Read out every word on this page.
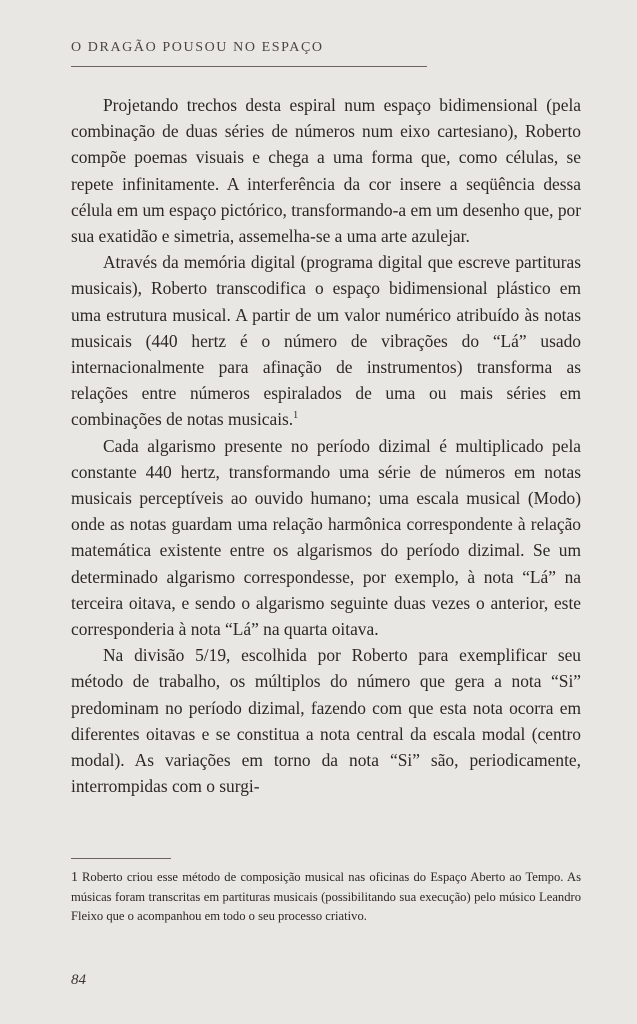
O DRAGÃO POUSOU NO ESPAÇO

Projetando trechos desta espiral num espaço bidimensional (pela combinação de duas séries de números num eixo cartesiano), Roberto compõe poemas visuais e chega a uma forma que, como células, se repete infinitamente. A interferência da cor insere a seqüência dessa célula em um espaço pictórico, transformando-a em um desenho que, por sua exatidão e simetria, assemelha-se a uma arte azulejar.

Através da memória digital (programa digital que escreve partituras musicais), Roberto transcodifica o espaço bidimensional plástico em uma estrutura musical. A partir de um valor numérico atribuído às notas musicais (440 hertz é o número de vibrações do “Lá” usado internacionalmente para afinação de instrumentos) transforma as relações entre números espiralados de uma ou mais séries em combinações de notas musicais.$^1$

Cada algarismo presente no período dizimal é multiplicado pela constante 440 hertz, transformando uma série de números em notas musicais perceptíveis ao ouvido humano; uma escala musical (Modo) onde as notas guardam uma relação harmônica correspondente à relação matemática existente entre os algarismos do período dizimal. Se um determinado algarismo correspondesse, por exemplo, à nota “Lá” na terceira oitava, e sendo o algarismo seguinte duas vezes o anterior, este corresponderia à nota “Lá” na quarta oitava.

Na divisão 5/19, escolhida por Roberto para exemplificar seu método de trabalho, os múltiplos do número que gera a nota “Si” predominam no período dizimal, fazendo com que esta nota ocorra em diferentes oitavas e se constitua a nota central da escala modal (centro modal). As variações em torno da nota “Si” são, periodicamente, interrompidas com o surgi-

1 Roberto criou esse método de composição musical nas oficinas do Espaço Aberto ao Tempo. As músicas foram transcritas em partituras musicais (possibilitando sua execução) pelo músico Leandro Fleixo que o acompanhou em todo o seu processo criativo.

84
